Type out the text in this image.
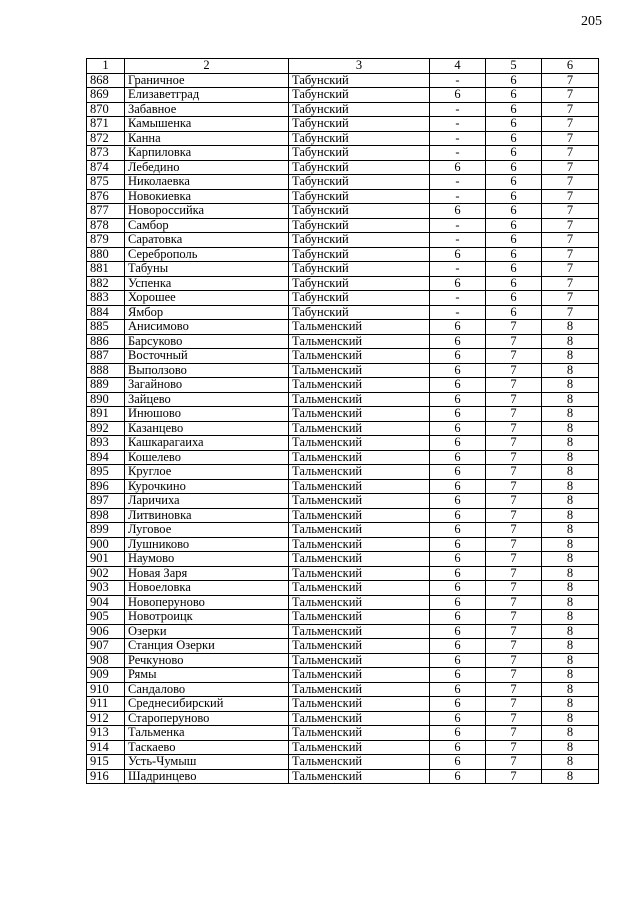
205
1	2	3	4	5	6
868	Граничное	Табунский	-	6	7
869	Елизаветград	Табунский	6	6	7
870	Забавное	Табунский	-	6	7
871	Камышенка	Табунский	-	6	7
872	Канна	Табунский	-	6	7
873	Карпиловка	Табунский	-	6	7
874	Лебедино	Табунский	6	6	7
875	Николаевка	Табунский	-	6	7
876	Новокиевка	Табунский	-	6	7
877	Новороссийка	Табунский	6	6	7
878	Самбор	Табунский	-	6	7
879	Саратовка	Табунский	-	6	7
880	Сереброполь	Табунский	6	6	7
881	Табуны	Табунский	-	6	7
882	Успенка	Табунский	6	6	7
883	Хорошее	Табунский	-	6	7
884	Ямбор	Табунский	-	6	7
885	Анисимово	Тальменский	6	7	8
886	Барсуково	Тальменский	6	7	8
887	Восточный	Тальменский	6	7	8
888	Выползово	Тальменский	6	7	8
889	Загайново	Тальменский	6	7	8
890	Зайцево	Тальменский	6	7	8
891	Инюшово	Тальменский	6	7	8
892	Казанцево	Тальменский	6	7	8
893	Кашкарагаиха	Тальменский	6	7	8
894	Кошелево	Тальменский	6	7	8
895	Круглое	Тальменский	6	7	8
896	Курочкино	Тальменский	6	7	8
897	Ларичиха	Тальменский	6	7	8
898	Литвиновка	Тальменский	6	7	8
899	Луговое	Тальменский	6	7	8
900	Лушниково	Тальменский	6	7	8
901	Наумово	Тальменский	6	7	8
902	Новая Заря	Тальменский	6	7	8
903	Новоеловка	Тальменский	6	7	8
904	Новоперуново	Тальменский	6	7	8
905	Новотроицк	Тальменский	6	7	8
906	Озерки	Тальменский	6	7	8
907	Станция Озерки	Тальменский	6	7	8
908	Речкуново	Тальменский	6	7	8
909	Рямы	Тальменский	6	7	8
910	Сандалово	Тальменский	6	7	8
911	Среднесибирский	Тальменский	6	7	8
912	Староперуново	Тальменский	6	7	8
913	Тальменка	Тальменский	6	7	8
914	Таскаево	Тальменский	6	7	8
915	Усть-Чумыш	Тальменский	6	7	8
916	Шадринцево	Тальменский	6	7	8
